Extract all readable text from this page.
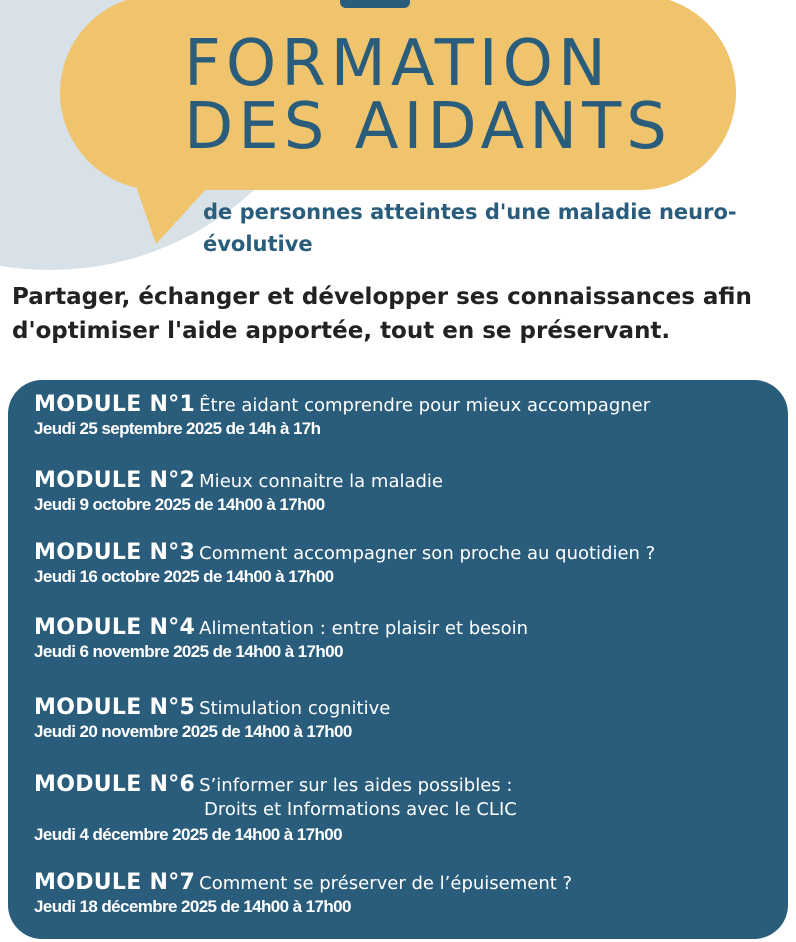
FORMATION
DES AIDANTS
de personnes atteintes d'une maladie neuro-évolutive
Partager, échanger et développer ses connaissances afin d'optimiser l'aide apportée, tout en se préservant.
MODULE N°1 Être aidant comprendre pour mieux accompagner
Jeudi 25 septembre 2025 de 14h à 17h
MODULE N°2 Mieux connaitre la maladie
Jeudi 9 octobre 2025 de 14h00 à 17h00
MODULE N°3 Comment accompagner son proche au quotidien ?
Jeudi 16 octobre 2025 de 14h00 à 17h00
MODULE N°4 Alimentation : entre plaisir et besoin
Jeudi 6 novembre 2025 de 14h00 à 17h00
MODULE N°5 Stimulation cognitive
Jeudi 20 novembre 2025 de 14h00 à 17h00
MODULE N°6 S’informer sur les aides possibles :
Droits et Informations avec le CLIC
Jeudi 4 décembre 2025 de 14h00 à 17h00
MODULE N°7 Comment se préserver de l’épuisement ?
Jeudi 18 décembre 2025 de 14h00 à 17h00
